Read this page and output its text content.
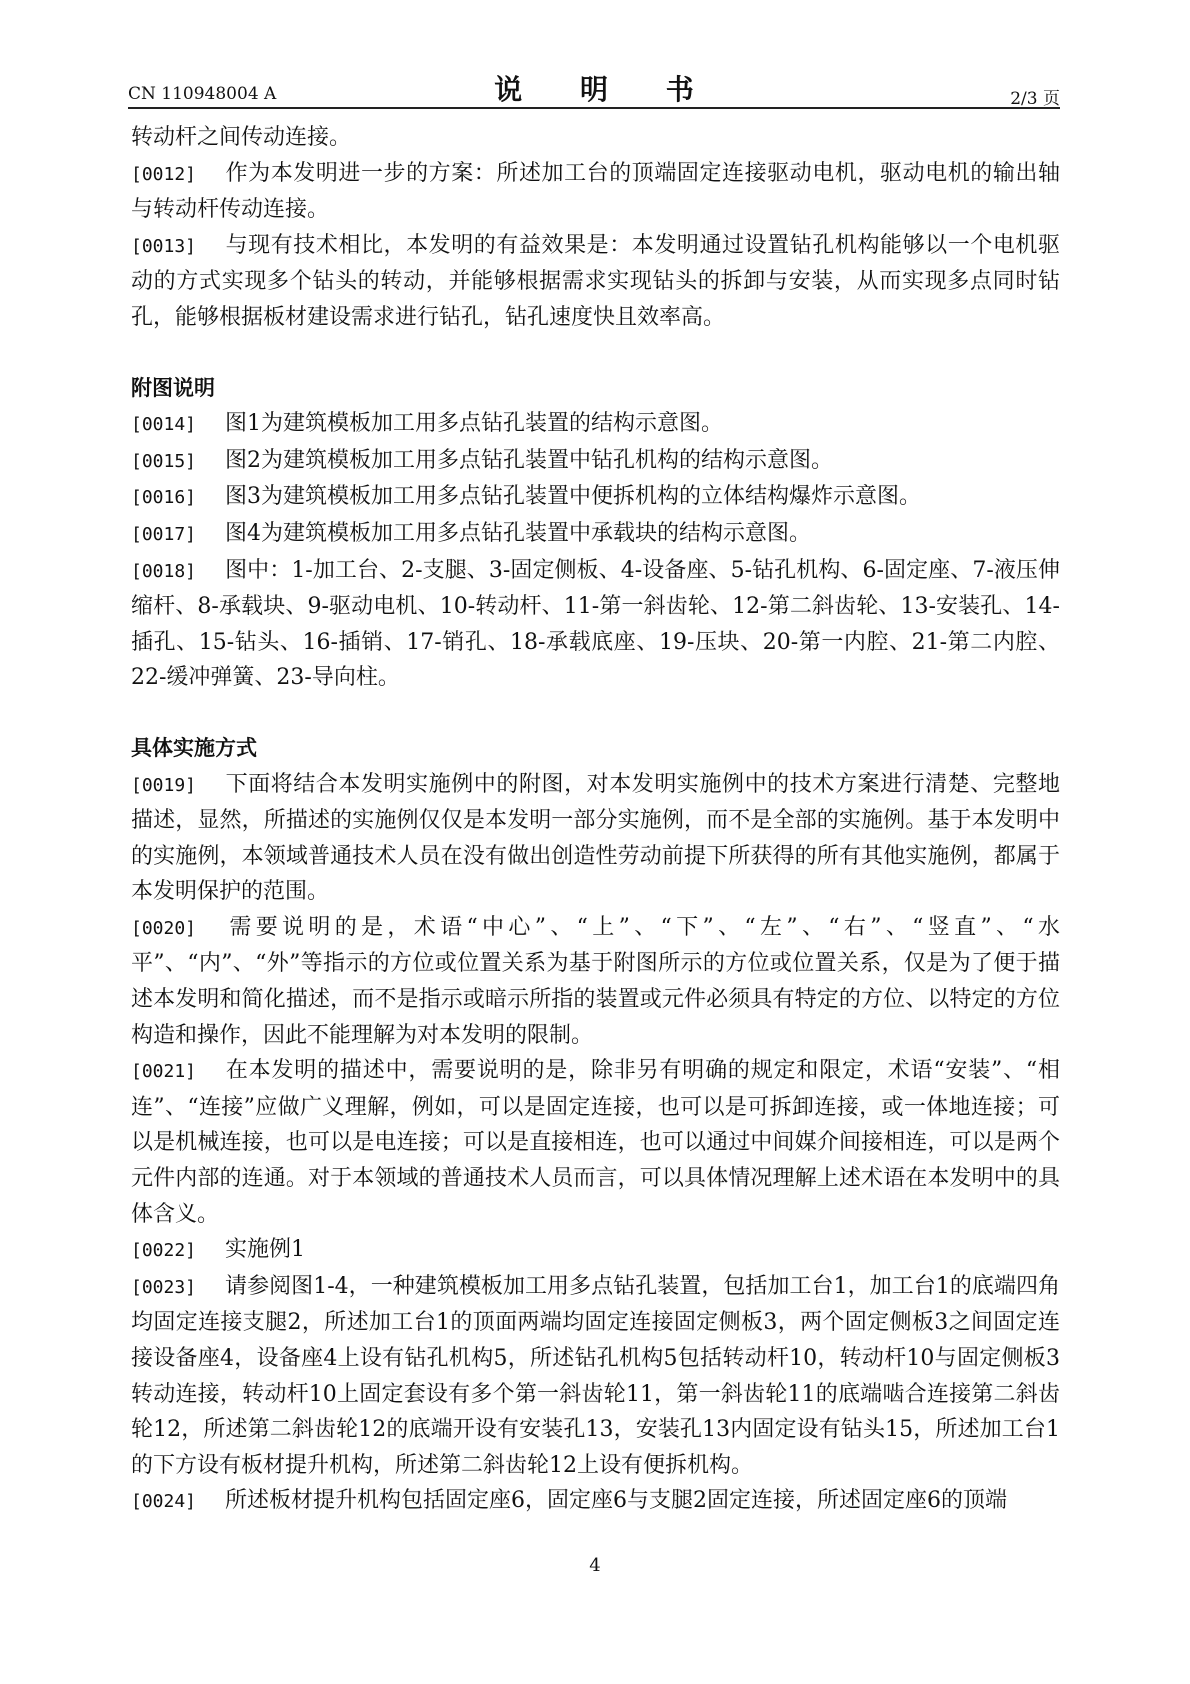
CN 110948004 A	说 明 书	2/3 页
转动杆之间传动连接。

[0012] 作为本发明进一步的方案：所述加工台的顶端固定连接驱动电机，驱动电机的输出轴与转动杆传动连接。

[0013] 与现有技术相比，本发明的有益效果是：本发明通过设置钻孔机构能够以一个电机驱动的方式实现多个钻头的转动，并能够根据需求实现钻头的拆卸与安装，从而实现多点同时钻孔，能够根据板材建设需求进行钻孔，钻孔速度快且效率高。

附图说明

[0014] 图1为建筑模板加工用多点钻孔装置的结构示意图。

[0015] 图2为建筑模板加工用多点钻孔装置中钻孔机构的结构示意图。

[0016] 图3为建筑模板加工用多点钻孔装置中便拆机构的立体结构爆炸示意图。

[0017] 图4为建筑模板加工用多点钻孔装置中承载块的结构示意图。

[0018] 图中：1-加工台、2-支腿、3-固定侧板、4-设备座、5-钻孔机构、6-固定座、7-液压伸缩杆、8-承载块、9-驱动电机、10-转动杆、11-第一斜齿轮、12-第二斜齿轮、13-安装孔、14-插孔、15-钻头、16-插销、17-销孔、18-承载底座、19-压块、20-第一内腔、21-第二内腔、22-缓冲弹簧、23-导向柱。

具体实施方式

[0019] 下面将结合本发明实施例中的附图，对本发明实施例中的技术方案进行清楚、完整地描述，显然，所描述的实施例仅仅是本发明一部分实施例，而不是全部的实施例。基于本发明中的实施例，本领域普通技术人员在没有做出创造性劳动前提下所获得的所有其他实施例，都属于本发明保护的范围。

[0020] 需要说明的是，术语“中心”、“上”、“下”、“左”、“右”、“竖直”、“水平”、“内”、“外”等指示的方位或位置关系为基于附图所示的方位或位置关系，仅是为了便于描述本发明和简化描述，而不是指示或暗示所指的装置或元件必须具有特定的方位、以特定的方位构造和操作，因此不能理解为对本发明的限制。

[0021] 在本发明的描述中，需要说明的是，除非另有明确的规定和限定，术语“安装”、“相连”、“连接”应做广义理解，例如，可以是固定连接，也可以是可拆卸连接，或一体地连接；可以是机械连接，也可以是电连接；可以是直接相连，也可以通过中间媒介间接相连，可以是两个元件内部的连通。对于本领域的普通技术人员而言，可以具体情况理解上述术语在本发明中的具体含义。

[0022] 实施例1

[0023] 请参阅图1-4，一种建筑模板加工用多点钻孔装置，包括加工台1，加工台1的底端四角均固定连接支腿2，所述加工台1的顶面两端均固定连接固定侧板3，两个固定侧板3之间固定连接设备座4，设备座4上设有钻孔机构5，所述钻孔机构5包括转动杆10，转动杆10与固定侧板3转动连接，转动杆10上固定套设有多个第一斜齿轮11，第一斜齿轮11的底端啮合连接第二斜齿轮12，所述第二斜齿轮12的底端开设有安装孔13，安装孔13内固定设有钻头15，所述加工台1的下方设有板材提升机构，所述第二斜齿轮12上设有便拆机构。

[0024] 所述板材提升机构包括固定座6，固定座6与支腿2固定连接，所述固定座6的顶端

4
